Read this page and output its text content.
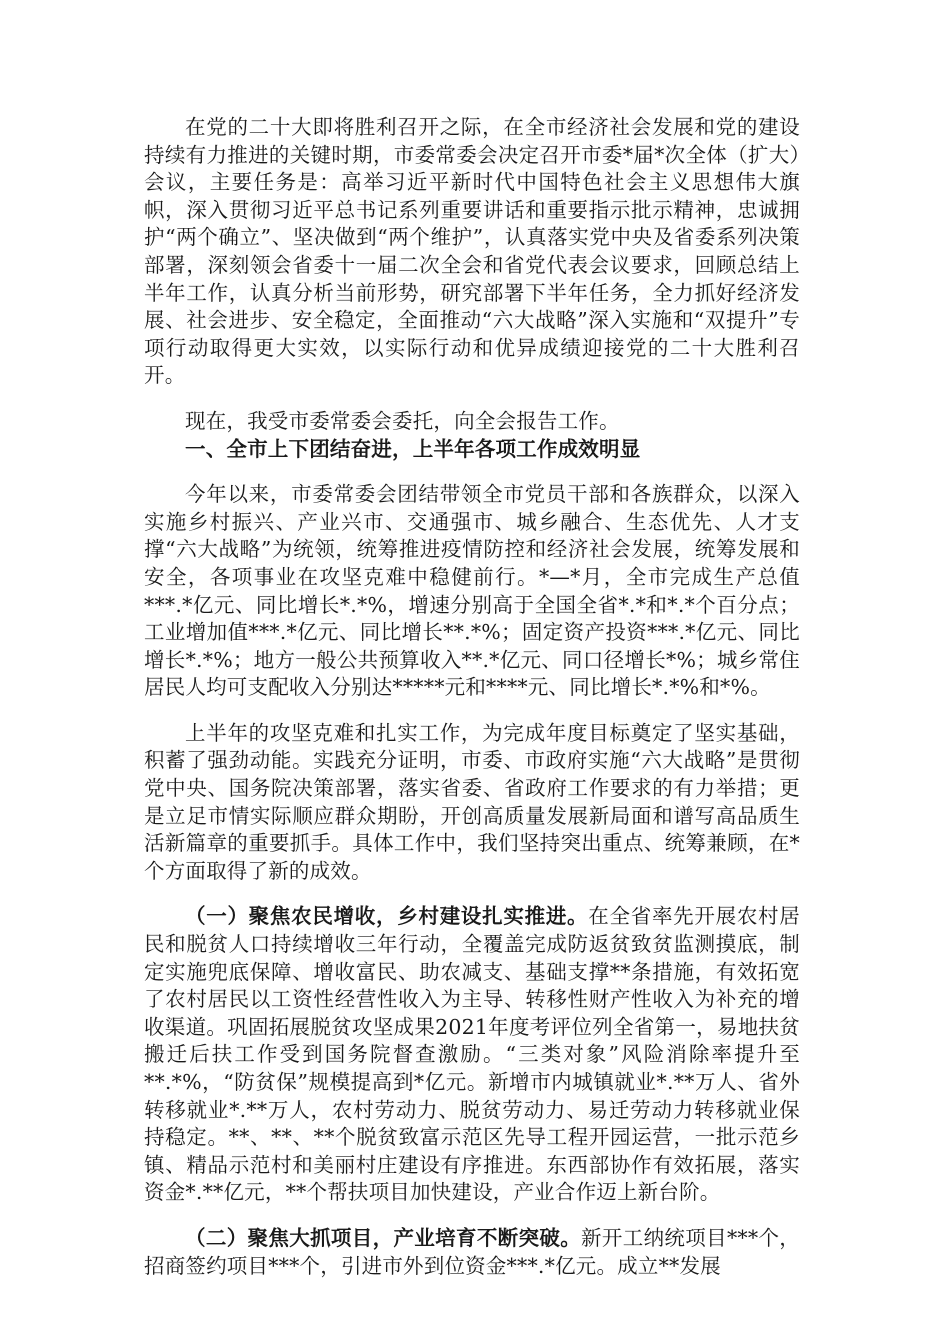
在党的二十大即将胜利召开之际，在全市经济社会发展和党的建设持续有力推进的关键时期，市委常委会决定召开市委*届*次全体（扩大）会议，主要任务是：高举习近平新时代中国特色社会主义思想伟大旗帜，深入贯彻习近平总书记系列重要讲话和重要指示批示精神，忠诚拥护“两个确立”、坚决做到“两个维护”，认真落实党中央及省委系列决策部署，深刻领会省委十一届二次全会和省党代表会议要求，回顾总结上半年工作，认真分析当前形势，研究部署下半年任务，全力抓好经济发展、社会进步、安全稳定，全面推动“六大战略”深入实施和“双提升”专项行动取得更大实效，以实际行动和优异成绩迎接党的二十大胜利召开。

现在，我受市委常委会委托，向全会报告工作。

一、全市上下团结奋进，上半年各项工作成效明显

今年以来，市委常委会团结带领全市党员干部和各族群众，以深入实施乡村振兴、产业兴市、交通强市、城乡融合、生态优先、人才支撑“六大战略”为统领，统筹推进疫情防控和经济社会发展，统筹发展和安全，各项事业在攻坚克难中稳健前行。*—*月，全市完成生产总值***.*亿元、同比增长*.*%，增速分别高于全国全省*.*和*.*个百分点；工业增加值***.*亿元、同比增长**.*%；固定资产投资***.*亿元、同比增长*.*%；地方一般公共预算收入**.*亿元、同口径增长*%；城乡常住居民人均可支配收入分别达*****元和****元、同比增长*.*%和*%。

上半年的攻坚克难和扎实工作，为完成年度目标奠定了坚实基础，积蓄了强劲动能。实践充分证明，市委、市政府实施“六大战略”是贯彻党中央、国务院决策部署，落实省委、省政府工作要求的有力举措；更是立足市情实际顺应群众期盼，开创高质量发展新局面和谱写高品质生活新篇章的重要抓手。具体工作中，我们坚持突出重点、统筹兼顾，在*个方面取得了新的成效。

（一）聚焦农民增收，乡村建设扎实推进。在全省率先开展农村居民和脱贫人口持续增收三年行动，全覆盖完成防返贫致贫监测摸底，制定实施兜底保障、增收富民、助农减支、基础支撑**条措施，有效拓宽了农村居民以工资性经营性收入为主导、转移性财产性收入为补充的增收渠道。巩固拓展脱贫攻坚成果2021年度考评位列全省第一，易地扶贫搬迁后扶工作受到国务院督查激励。“三类对象”风险消除率提升至**.*%，“防贫保”规模提高到*亿元。新增市内城镇就业*.**万人、省外转移就业*.**万人，农村劳动力、脱贫劳动力、易迁劳动力转移就业保持稳定。**、**、**个脱贫致富示范区先导工程开园运营，一批示范乡镇、精品示范村和美丽村庄建设有序推进。东西部协作有效拓展，落实资金*.**亿元，**个帮扶项目加快建设，产业合作迈上新台阶。

（二）聚焦大抓项目，产业培育不断突破。新开工纳统项目***个，招商签约项目***个，引进市外到位资金***.*亿元。成立**发展
